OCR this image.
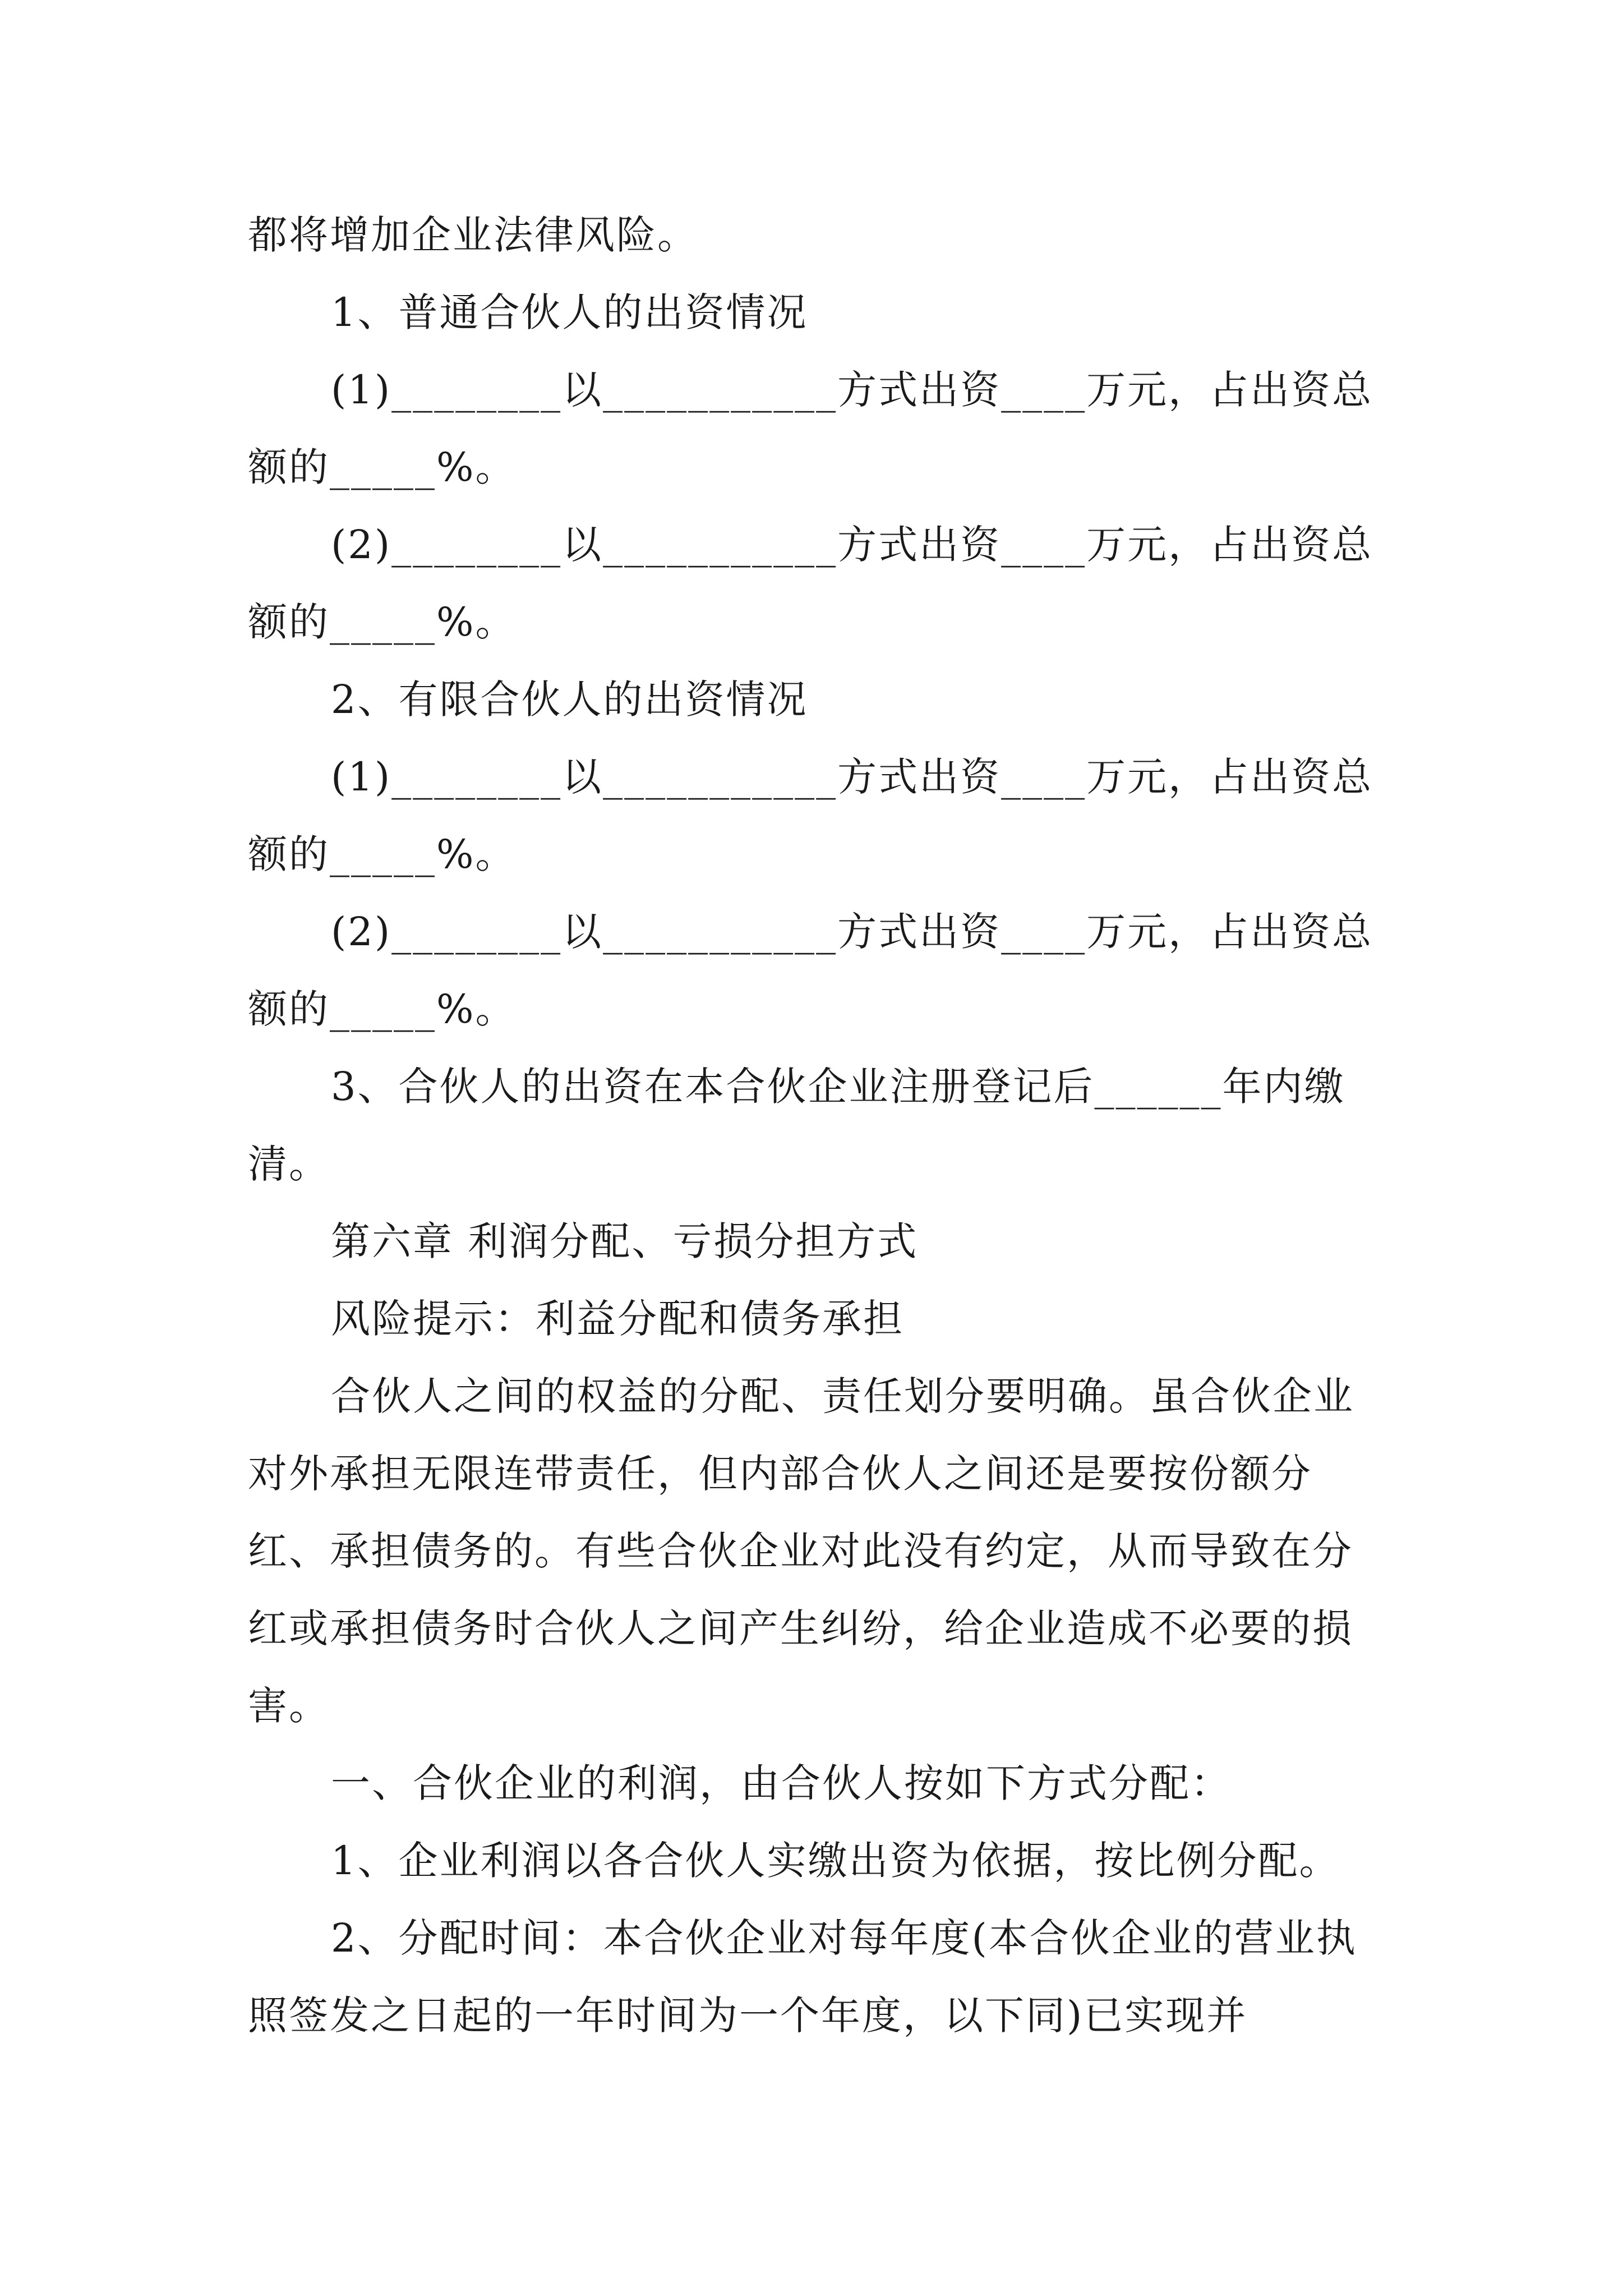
都将增加企业法律风险。

1、普通合伙人的出资情况

(1)________以___________方式出资____万元，占出资总额的_____%。

(2)________以___________方式出资____万元，占出资总额的_____%。

2、有限合伙人的出资情况

(1)________以___________方式出资____万元，占出资总额的_____%。

(2)________以___________方式出资____万元，占出资总额的_____%。

3、合伙人的出资在本合伙企业注册登记后______年内缴清。

第六章 利润分配、亏损分担方式

风险提示：利益分配和债务承担

合伙人之间的权益的分配、责任划分要明确。虽合伙企业对外承担无限连带责任，但内部合伙人之间还是要按份额分红、承担债务的。有些合伙企业对此没有约定，从而导致在分红或承担债务时合伙人之间产生纠纷，给企业造成不必要的损害。

一、合伙企业的利润，由合伙人按如下方式分配：

1、企业利润以各合伙人实缴出资为依据，按比例分配。

2、分配时间：本合伙企业对每年度(本合伙企业的营业执照签发之日起的一年时间为一个年度，以下同)已实现并
